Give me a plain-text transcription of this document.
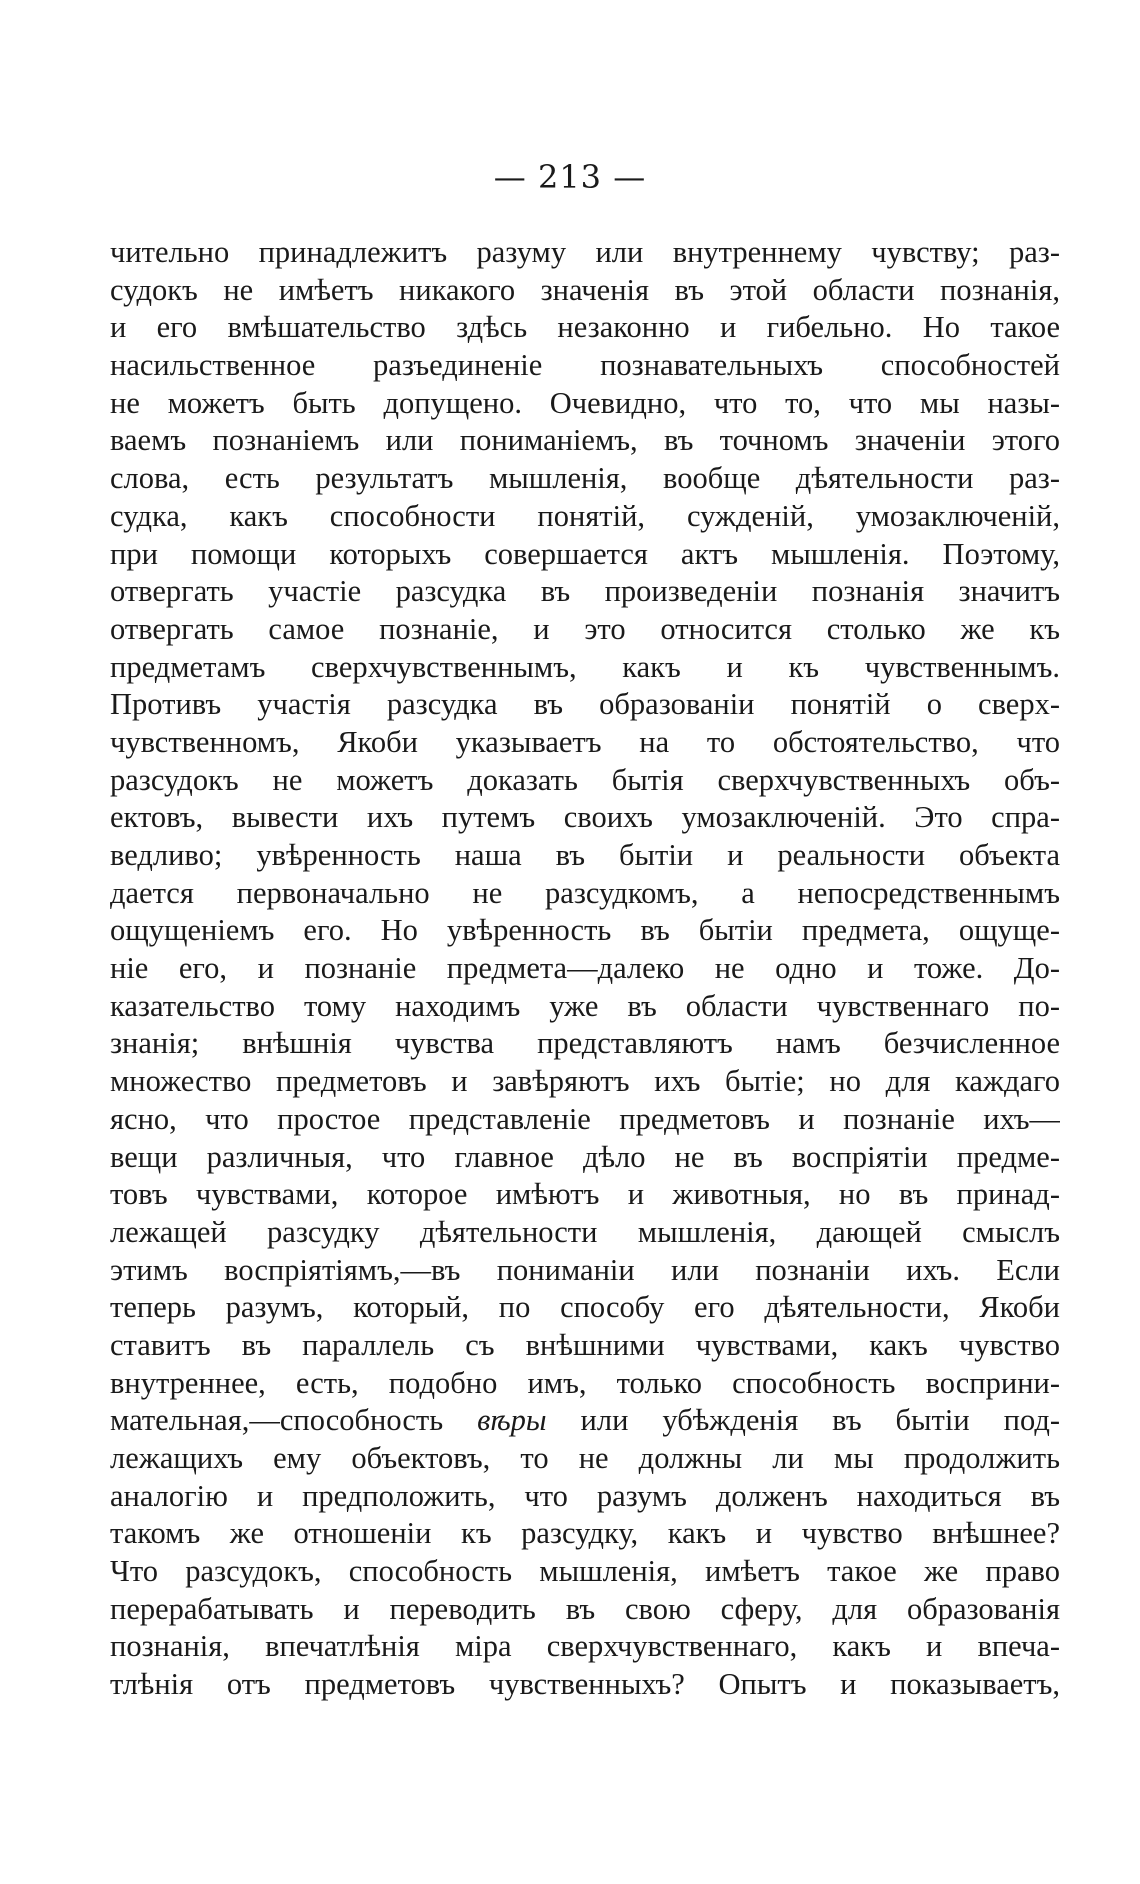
— 213 —
чительно принадлежитъ разуму или внутреннему чувству; раз-
судокъ не имѣетъ никакого значенія въ этой области познанія,
и его вмѣшательство здѣсь незаконно и гибельно. Но такое
насильственное разъединеніе познавательныхъ способностей
не можетъ быть допущено. Очевидно, что то, что мы назы-
ваемъ познаніемъ или пониманіемъ, въ точномъ значеніи этого
слова, есть результатъ мышленія, вообще дѣятельности раз-
судка, какъ способности понятій, сужденій, умозаключеній,
при помощи которыхъ совершается актъ мышленія. Поэтому,
отвергать участіе разсудка въ произведеніи познанія значитъ
отвергать самое познаніе, и это относится столько же къ
предметамъ сверхчувственнымъ, какъ и къ чувственнымъ.
Противъ участія разсудка въ образованіи понятій о сверх-
чувственномъ, Якоби указываетъ на то обстоятельство, что
разсудокъ не можетъ доказать бытія сверхчувственныхъ объ-
ектовъ, вывести ихъ путемъ своихъ умозаключеній. Это спра-
ведливо; увѣренность наша въ бытіи и реальности объекта
дается первоначально не разсудкомъ, а непосредственнымъ
ощущеніемъ его. Но увѣренность въ бытіи предмета, ощуще-
ніе его, и познаніе предмета—далеко не одно и тоже. До-
казательство тому находимъ уже въ области чувственнаго по-
знанія; внѣшнія чувства представляютъ намъ безчисленное
множество предметовъ и завѣряютъ ихъ бытіе; но для каждаго
ясно, что простое представленіе предметовъ и познаніе ихъ—
вещи различныя, что главное дѣло не въ воспріятіи предме-
товъ чувствами, которое имѣютъ и животныя, но въ принад-
лежащей разсудку дѣятельности мышленія, дающей смыслъ
этимъ воспріятіямъ,—въ пониманіи или познаніи ихъ. Если
теперь разумъ, который, по способу его дѣятельности, Якоби
ставитъ въ параллель съ внѣшними чувствами, какъ чувство
внутреннее, есть, подобно имъ, только способность восприни-
мательная,—способность вѣры или убѣжденія въ бытіи под-
лежащихъ ему объектовъ, то не должны ли мы продолжить
аналогію и предположить, что разумъ долженъ находиться въ
такомъ же отношеніи къ разсудку, какъ и чувство внѣшнее?
Что разсудокъ, способность мышленія, имѣетъ такое же право
перерабатывать и переводить въ свою сферу, для образованія
познанія, впечатлѣнія міра сверхчувственнаго, какъ и впеча-
тлѣнія отъ предметовъ чувственныхъ? Опытъ и показываетъ,
